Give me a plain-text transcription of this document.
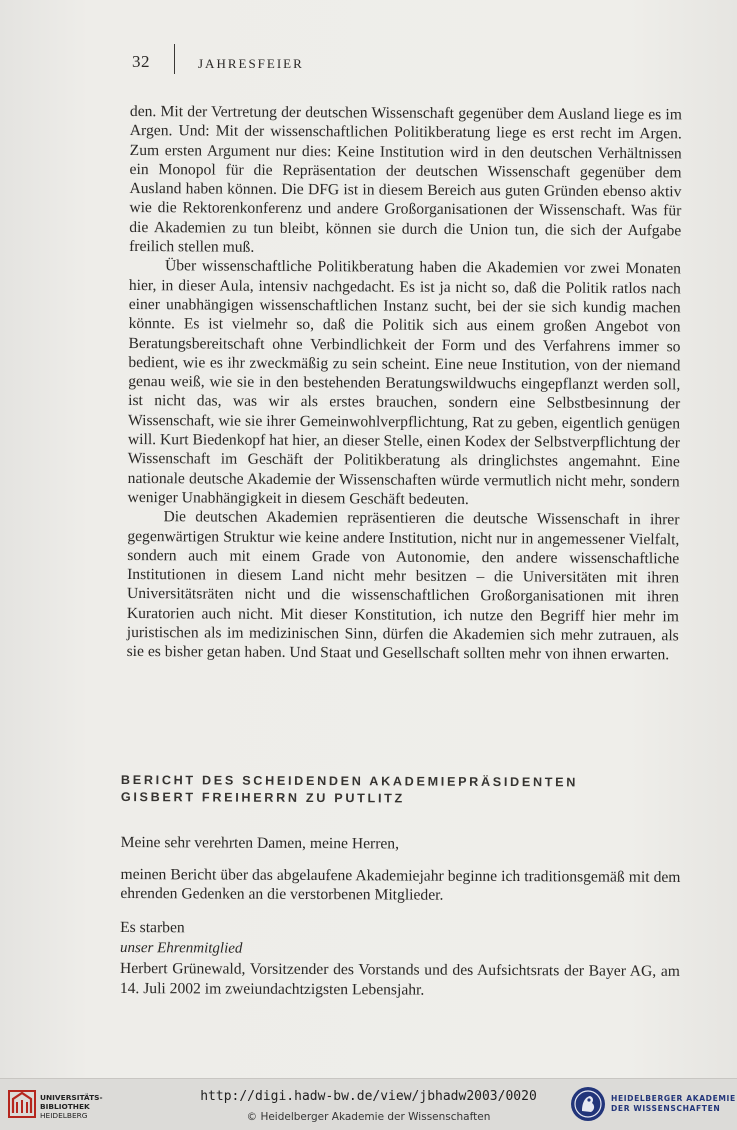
32	JAHRESFEIER

den. Mit der Vertretung der deutschen Wissenschaft gegenüber dem Ausland liege es im Argen. Und: Mit der wissenschaftlichen Politikberatung liege es erst recht im Argen. Zum ersten Argument nur dies: Keine Institution wird in den deutschen Verhältnissen ein Monopol für die Repräsentation der deutschen Wissenschaft gegenüber dem Ausland haben können. Die DFG ist in diesem Bereich aus guten Gründen ebenso aktiv wie die Rektorenkonferenz und andere Großorganisationen der Wissenschaft. Was für die Akademien zu tun bleibt, können sie durch die Union tun, die sich der Aufgabe freilich stellen muß.

Über wissenschaftliche Politikberatung haben die Akademien vor zwei Monaten hier, in dieser Aula, intensiv nachgedacht. Es ist ja nicht so, daß die Politik ratlos nach einer unabhängigen wissenschaftlichen Instanz sucht, bei der sie sich kundig machen könnte. Es ist vielmehr so, daß die Politik sich aus einem großen Angebot von Beratungsbereitschaft ohne Verbindlichkeit der Form und des Verfahrens immer so bedient, wie es ihr zweckmäßig zu sein scheint. Eine neue Institution, von der niemand genau weiß, wie sie in den bestehenden Beratungswildwuchs eingepflanzt werden soll, ist nicht das, was wir als erstes brauchen, sondern eine Selbstbesinnung der Wissenschaft, wie sie ihrer Gemeinwohlverpflichtung, Rat zu geben, eigentlich genügen will. Kurt Biedenkopf hat hier, an dieser Stelle, einen Kodex der Selbstverpflichtung der Wissenschaft im Geschäft der Politikberatung als dringlichstes angemahnt. Eine nationale deutsche Akademie der Wissenschaften würde vermutlich nicht mehr, sondern weniger Unabhängigkeit in diesem Geschäft bedeuten.

Die deutschen Akademien repräsentieren die deutsche Wissenschaft in ihrer gegenwärtigen Struktur wie keine andere Institution, nicht nur in angemessener Vielfalt, sondern auch mit einem Grade von Autonomie, den andere wissenschaftliche Institutionen in diesem Land nicht mehr besitzen – die Universitäten mit ihren Universitätsräten nicht und die wissenschaftlichen Großorganisationen mit ihren Kuratorien auch nicht. Mit dieser Konstitution, ich nutze den Begriff hier mehr im juristischen als im medizinischen Sinn, dürfen die Akademien sich mehr zutrauen, als sie es bisher getan haben. Und Staat und Gesellschaft sollten mehr von ihnen erwarten.

BERICHT DES SCHEIDENDEN AKADEMIEPRÄSIDENTEN

GISBERT FREIHERRN ZU PUTLITZ

Meine sehr verehrten Damen, meine Herren,

meinen Bericht über das abgelaufene Akademiejahr beginne ich traditionsgemäß mit dem ehrenden Gedenken an die verstorbenen Mitglieder.

Es starben

unser Ehrenmitglied

Herbert Grünewald, Vorsitzender des Vorstands und des Aufsichtsrats der Bayer AG, am 14. Juli 2002 im zweiundachtzigsten Lebensjahr.

UNIVERSITÄTS-
BIBLIOTHEK
HEIDELBERG
http://digi.hadw-bw.de/view/jbhadw2003/0020
© Heidelberger Akademie der Wissenschaften
HEIDELBERGER AKADEMIE
DER WISSENSCHAFTEN
